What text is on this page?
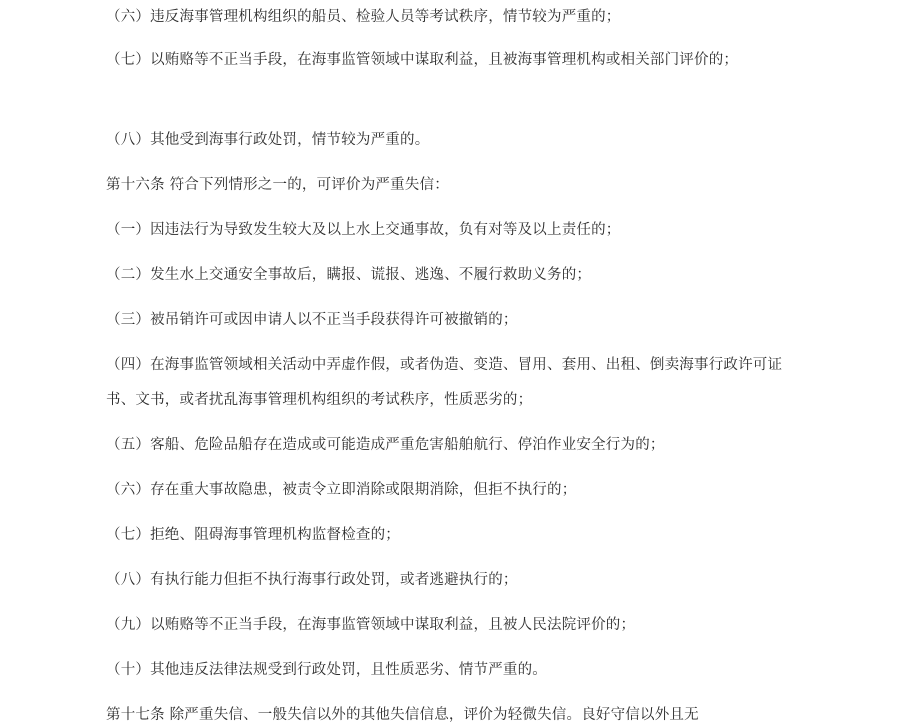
（六）违反海事管理机构组织的船员、检验人员等考试秩序，情节较为严重的；

（七）以贿赂等不正当手段，在海事监管领域中谋取利益，且被海事管理机构或相关部门评价的；

（八）其他受到海事行政处罚，情节较为严重的。

第十六条 符合下列情形之一的，可评价为严重失信：

（一）因违法行为导致发生较大及以上水上交通事故，负有对等及以上责任的；

（二）发生水上交通安全事故后，瞒报、谎报、逃逸、不履行救助义务的；

（三）被吊销许可或因申请人以不正当手段获得许可被撤销的；

（四）在海事监管领域相关活动中弄虚作假，或者伪造、变造、冒用、套用、出租、倒卖海事行政许可证书、文书，或者扰乱海事管理机构组织的考试秩序，性质恶劣的；

（五）客船、危险品船存在造成或可能造成严重危害船舶航行、停泊作业安全行为的；

（六）存在重大事故隐患，被责令立即消除或限期消除，但拒不执行的；

（七）拒绝、阻碍海事管理机构监督检查的；

（八）有执行能力但拒不执行海事行政处罚，或者逃避执行的；

（九）以贿赂等不正当手段，在海事监管领域中谋取利益，且被人民法院评价的；

（十）其他违反法律法规受到行政处罚，且性质恶劣、情节严重的。

第十七条 除严重失信、一般失信以外的其他失信信息，评价为轻微失信。良好守信以外且无
